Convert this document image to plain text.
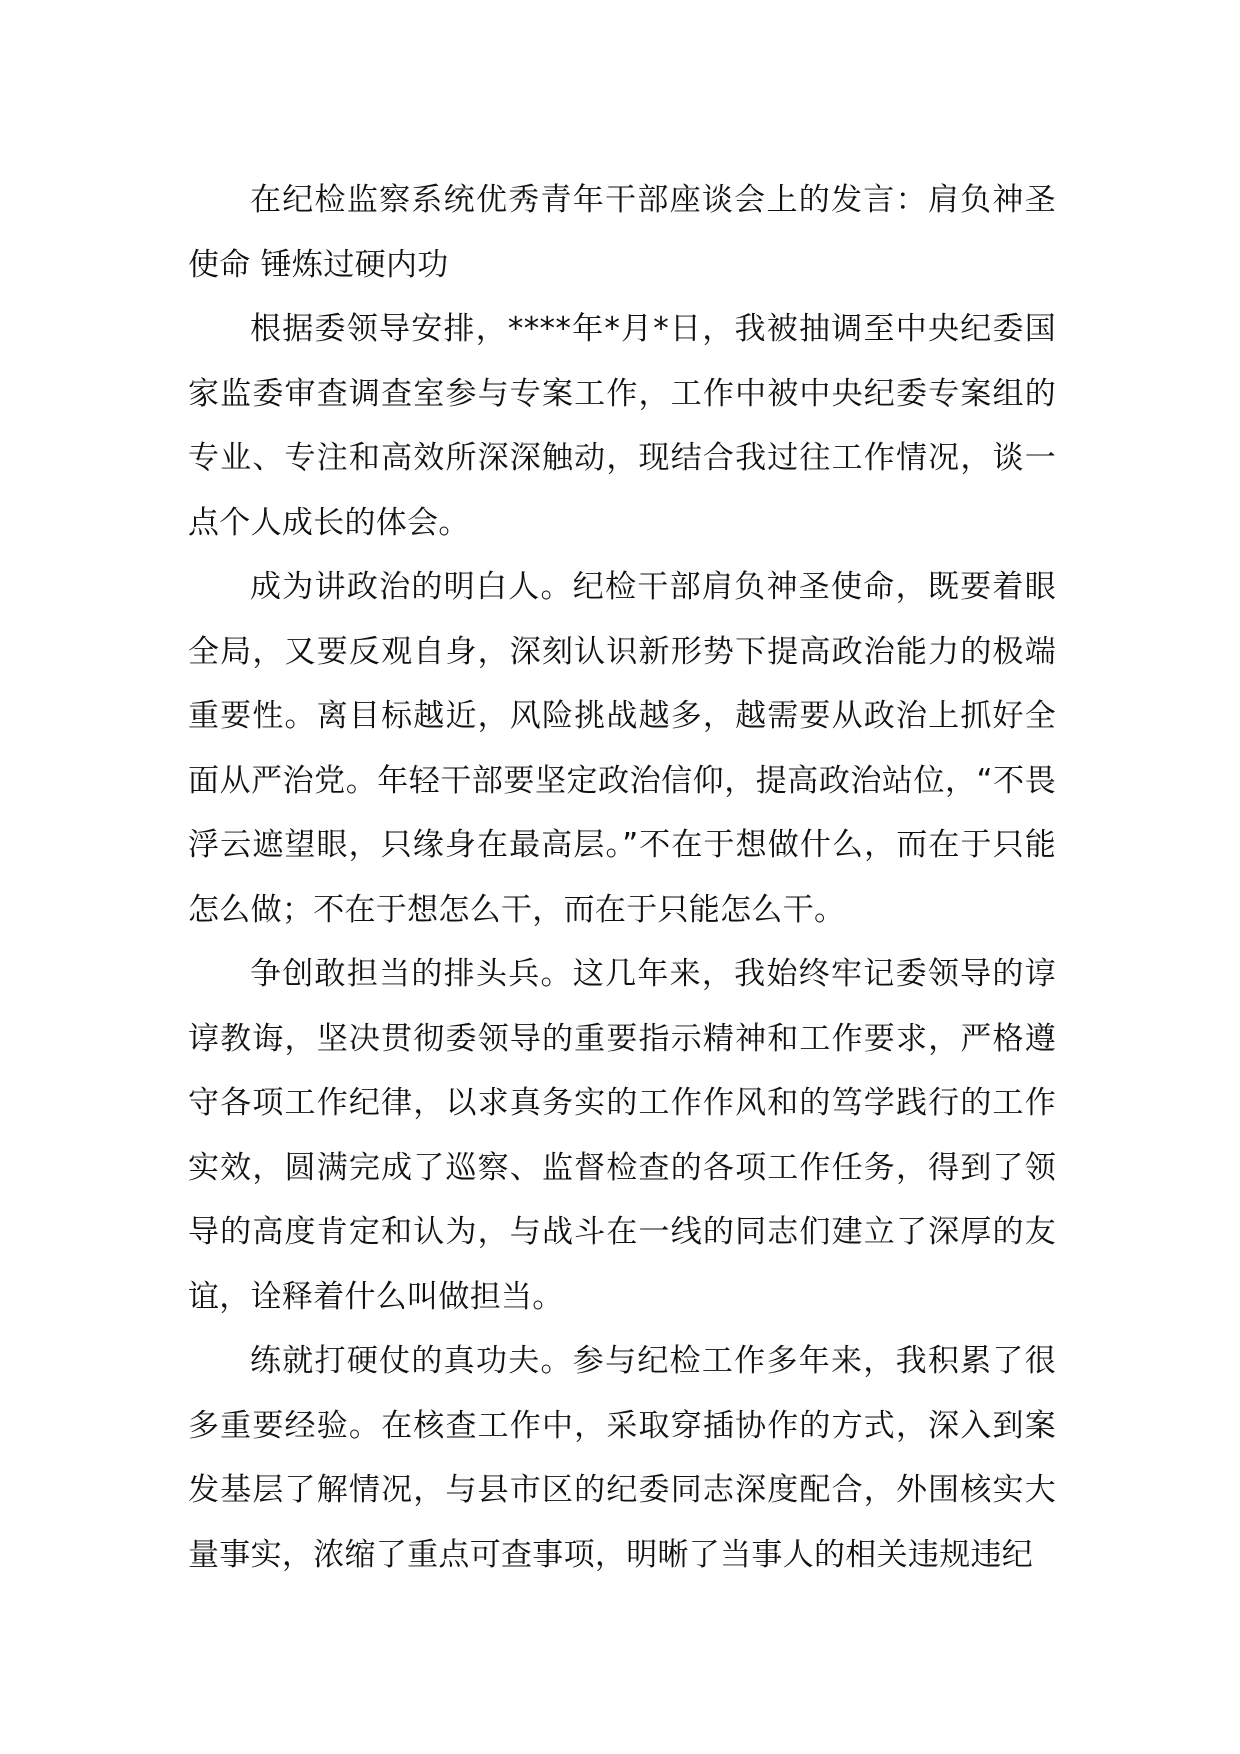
在纪检监察系统优秀青年干部座谈会上的发言：肩负神圣使命 锤炼过硬内功

根据委领导安排，****年*月*日，我被抽调至中央纪委国家监委审查调查室参与专案工作，工作中被中央纪委专案组的专业、专注和高效所深深触动，现结合我过往工作情况，谈一点个人成长的体会。

成为讲政治的明白人。纪检干部肩负神圣使命，既要着眼全局，又要反观自身，深刻认识新形势下提高政治能力的极端重要性。离目标越近，风险挑战越多，越需要从政治上抓好全面从严治党。年轻干部要坚定政治信仰，提高政治站位，“不畏浮云遮望眼，只缘身在最高层。”不在于想做什么，而在于只能怎么做；不在于想怎么干，而在于只能怎么干。

争创敢担当的排头兵。这几年来，我始终牢记委领导的谆谆教诲，坚决贯彻委领导的重要指示精神和工作要求，严格遵守各项工作纪律，以求真务实的工作作风和的笃学践行的工作实效，圆满完成了巡察、监督检查的各项工作任务，得到了领导的高度肯定和认为，与战斗在一线的同志们建立了深厚的友谊，诠释着什么叫做担当。

练就打硬仗的真功夫。参与纪检工作多年来，我积累了很多重要经验。在核查工作中，采取穿插协作的方式，深入到案发基层了解情况，与县市区的纪委同志深度配合，外围核实大量事实，浓缩了重点可查事项，明晰了当事人的相关违规违纪
